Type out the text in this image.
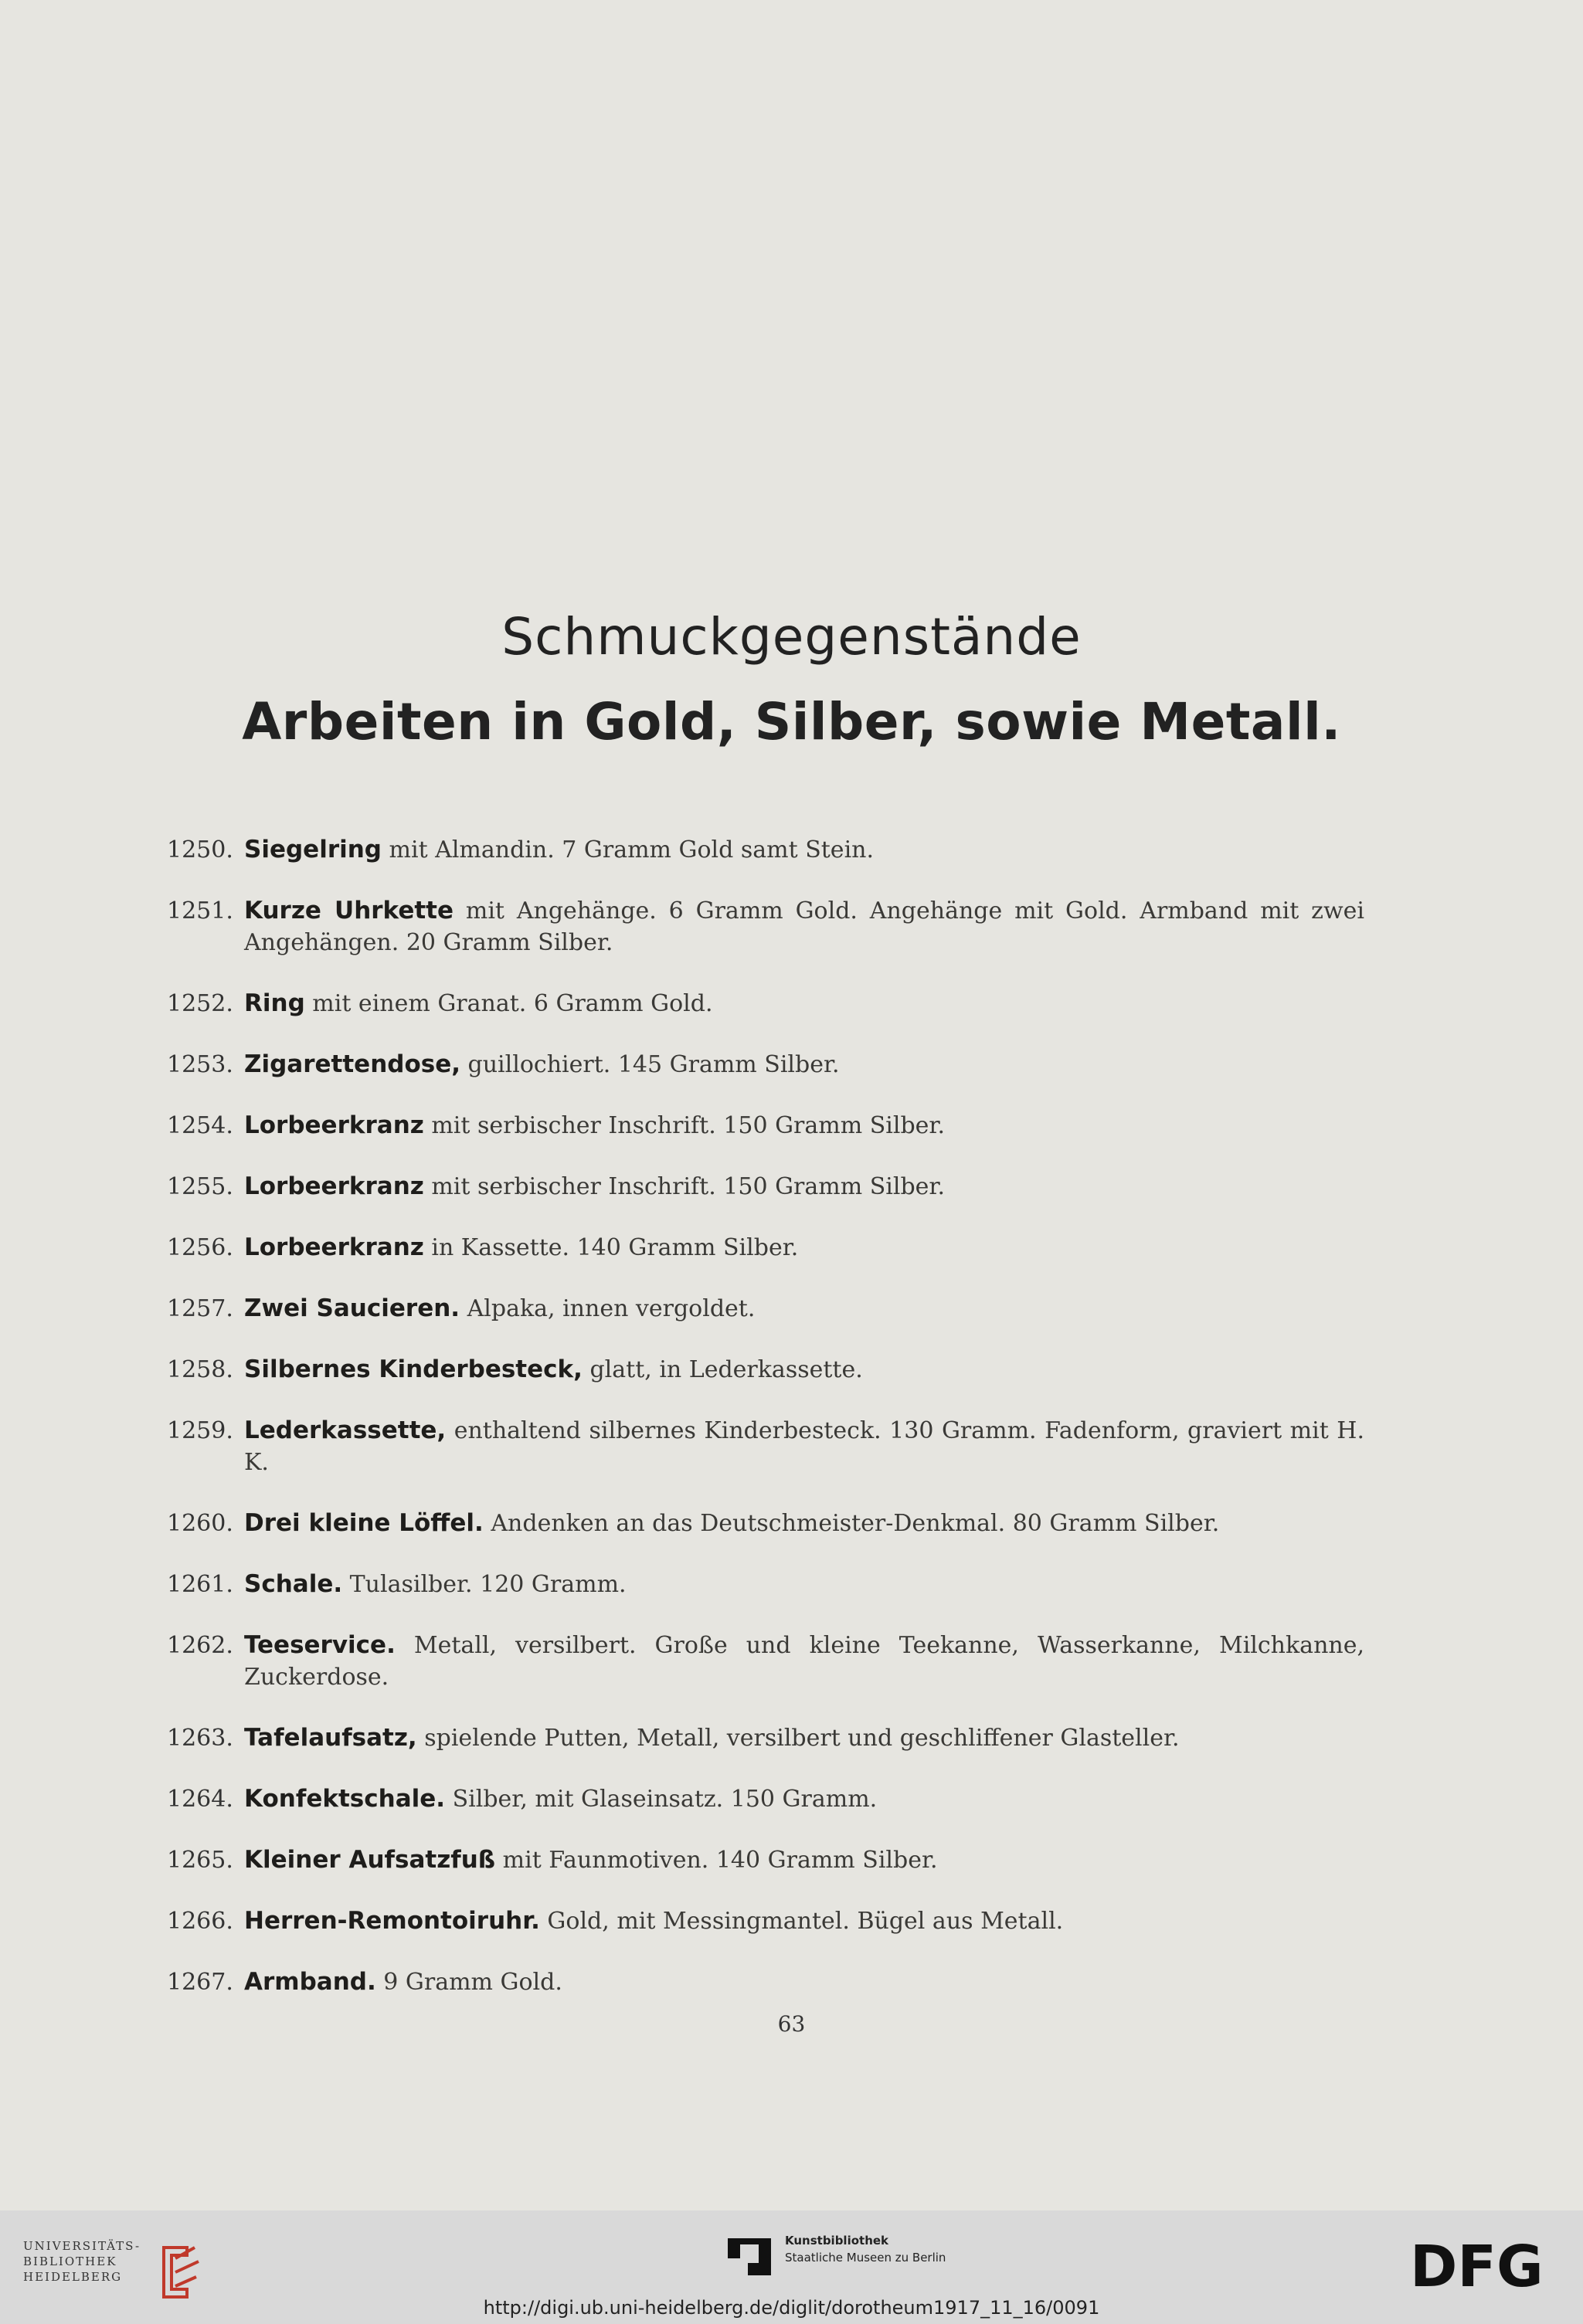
Schmuckgegenstände
Arbeiten in Gold, Silber, sowie Metall.
1250. Siegelring mit Almandin. 7 Gramm Gold samt Stein.
1251. Kurze Uhrkette mit Angehänge. 6 Gramm Gold. Angehänge mit Gold. Armband mit zwei Angehängen. 20 Gramm Silber.
1252. Ring mit einem Granat. 6 Gramm Gold.
1253. Zigarettendose, guillochiert. 145 Gramm Silber.
1254. Lorbeerkranz mit serbischer Inschrift. 150 Gramm Silber.
1255. Lorbeerkranz mit serbischer Inschrift. 150 Gramm Silber.
1256. Lorbeerkranz in Kassette. 140 Gramm Silber.
1257. Zwei Saucieren. Alpaka, innen vergoldet.
1258. Silbernes Kinderbesteck, glatt, in Lederkassette.
1259. Lederkassette, enthaltend silbernes Kinderbesteck. 130 Gramm. Fadenform, graviert mit H. K.
1260. Drei kleine Löffel. Andenken an das Deutschmeister-Denkmal. 80 Gramm Silber.
1261. Schale. Tulasilber. 120 Gramm.
1262. Teeservice. Metall, versilbert. Große und kleine Teekanne, Wasserkanne, Milchkanne, Zuckerdose.
1263. Tafelaufsatz, spielende Putten, Metall, versilbert und geschliffener Glasteller.
1264. Konfektschale. Silber, mit Glaseinsatz. 150 Gramm.
1265. Kleiner Aufsatzfuß mit Faunmotiven. 140 Gramm Silber.
1266. Herren-Remontoiruhr. Gold, mit Messingmantel. Bügel aus Metall.
1267. Armband. 9 Gramm Gold.
63
UNIVERSITÄTS-
BIBLIOTHEK
HEIDELBERG
Kunstbibliothek
Staatliche Museen zu Berlin	DFG
http://digi.ub.uni-heidelberg.de/diglit/dorotheum1917_11_16/0091
